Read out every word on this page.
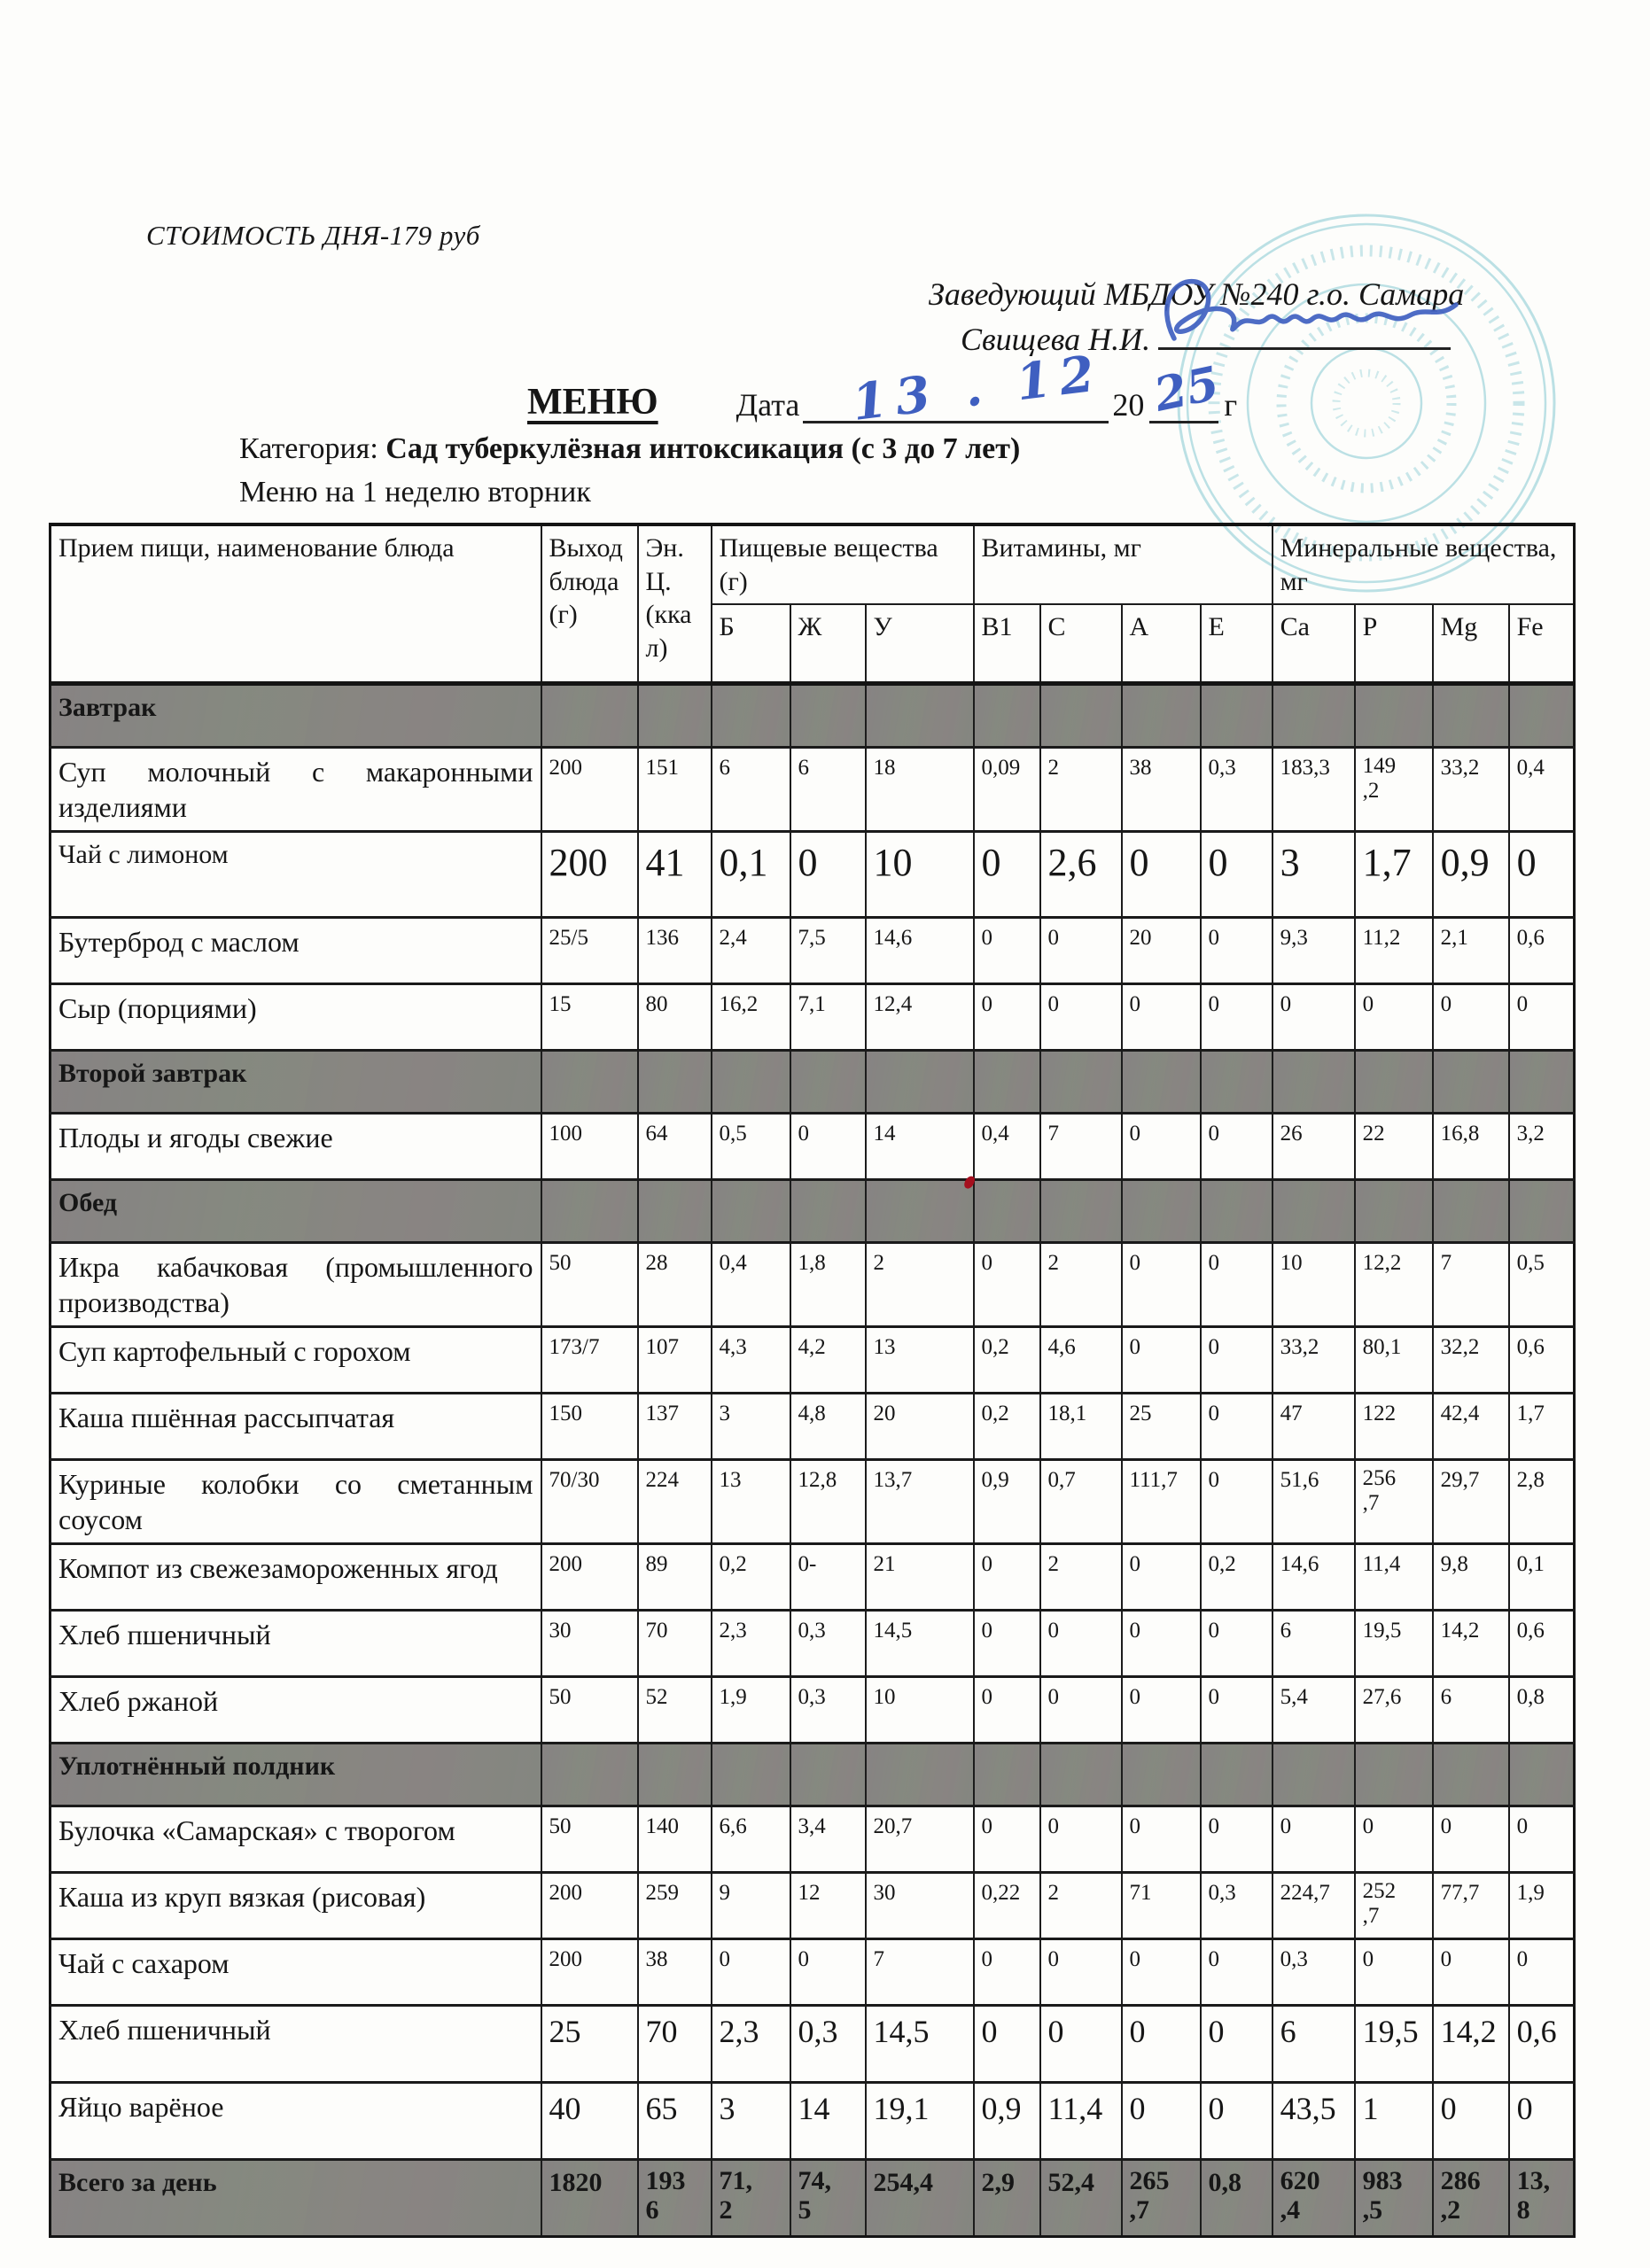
СТОИМОСТЬ ДНЯ-179 руб
Заведующий МБДОУ №240 г.о. Самара
Свищева Н.И.
МЕНЮ Дата 13 . 12 20 25 г
Категория: Сад туберкулёзная интоксикация (с 3 до 7 лет)
Меню на 1 неделю вторник
Прием пищи, наименование блюда	Выход блюда (г)	Эн. Ц. (ккал)	Пищевые вещества (г)			Витамины, мг				Минеральные вещества, мг			
			Б	Ж	У	В1	С	А	Е	Ca	P	Mg	Fe
Завтрак													
Суп молочный с макаронными изделиями	200	151	6	6	18	0,09	2	38	0,3	183,3	149,2	33,2	0,4
Чай с лимоном	200	41	0,1	0	10	0	2,6	0	0	3	1,7	0,9	0
Бутерброд с маслом	25/5	136	2,4	7,5	14,6	0	0	20	0	9,3	11,2	2,1	0,6
Сыр (порциями)	15	80	16,2	7,1	12,4	0	0	0	0	0	0	0	0
Второй завтрак													
Плоды и ягоды свежие	100	64	0,5	0	14	0,4	7	0	0	26	22	16,8	3,2
Обед													
Икра кабачковая (промышленного производства)	50	28	0,4	1,8	2	0	2	0	0	10	12,2	7	0,5
Суп картофельный с горохом	173/7	107	4,3	4,2	13	0,2	4,6	0	0	33,2	80,1	32,2	0,6
Каша пшённая рассыпчатая	150	137	3	4,8	20	0,2	18,1	25	0	47	122	42,4	1,7
Куриные колобки со сметанным соусом	70/30	224	13	12,8	13,7	0,9	0,7	111,7	0	51,6	256,7	29,7	2,8
Компот из свежезамороженных ягод	200	89	0,2	0-	21	0	2	0	0,2	14,6	11,4	9,8	0,1
Хлеб пшеничный	30	70	2,3	0,3	14,5	0	0	0	0	6	19,5	14,2	0,6
Хлеб ржаной	50	52	1,9	0,3	10	0	0	0	0	5,4	27,6	6	0,8
Уплотнённый полдник													
Булочка «Самарская» с творогом	50	140	6,6	3,4	20,7	0	0	0	0	0	0	0	0
Каша из круп вязкая (рисовая)	200	259	9	12	30	0,22	2	71	0,3	224,7	252,7	77,7	1,9
Чай с сахаром	200	38	0	0	7	0	0	0	0	0,3	0	0	0
Хлеб пшеничный	25	70	2,3	0,3	14,5	0	0	0	0	6	19,5	14,2	0,6
Яйцо варёное	40	65	3	14	19,1	0,9	11,4	0	0	43,5	1	0	0
Всего за день	1820	1936	71,2	74,5	254,4	2,9	52,4	265,7	0,8	620,4	983,5	286,2	13,8
